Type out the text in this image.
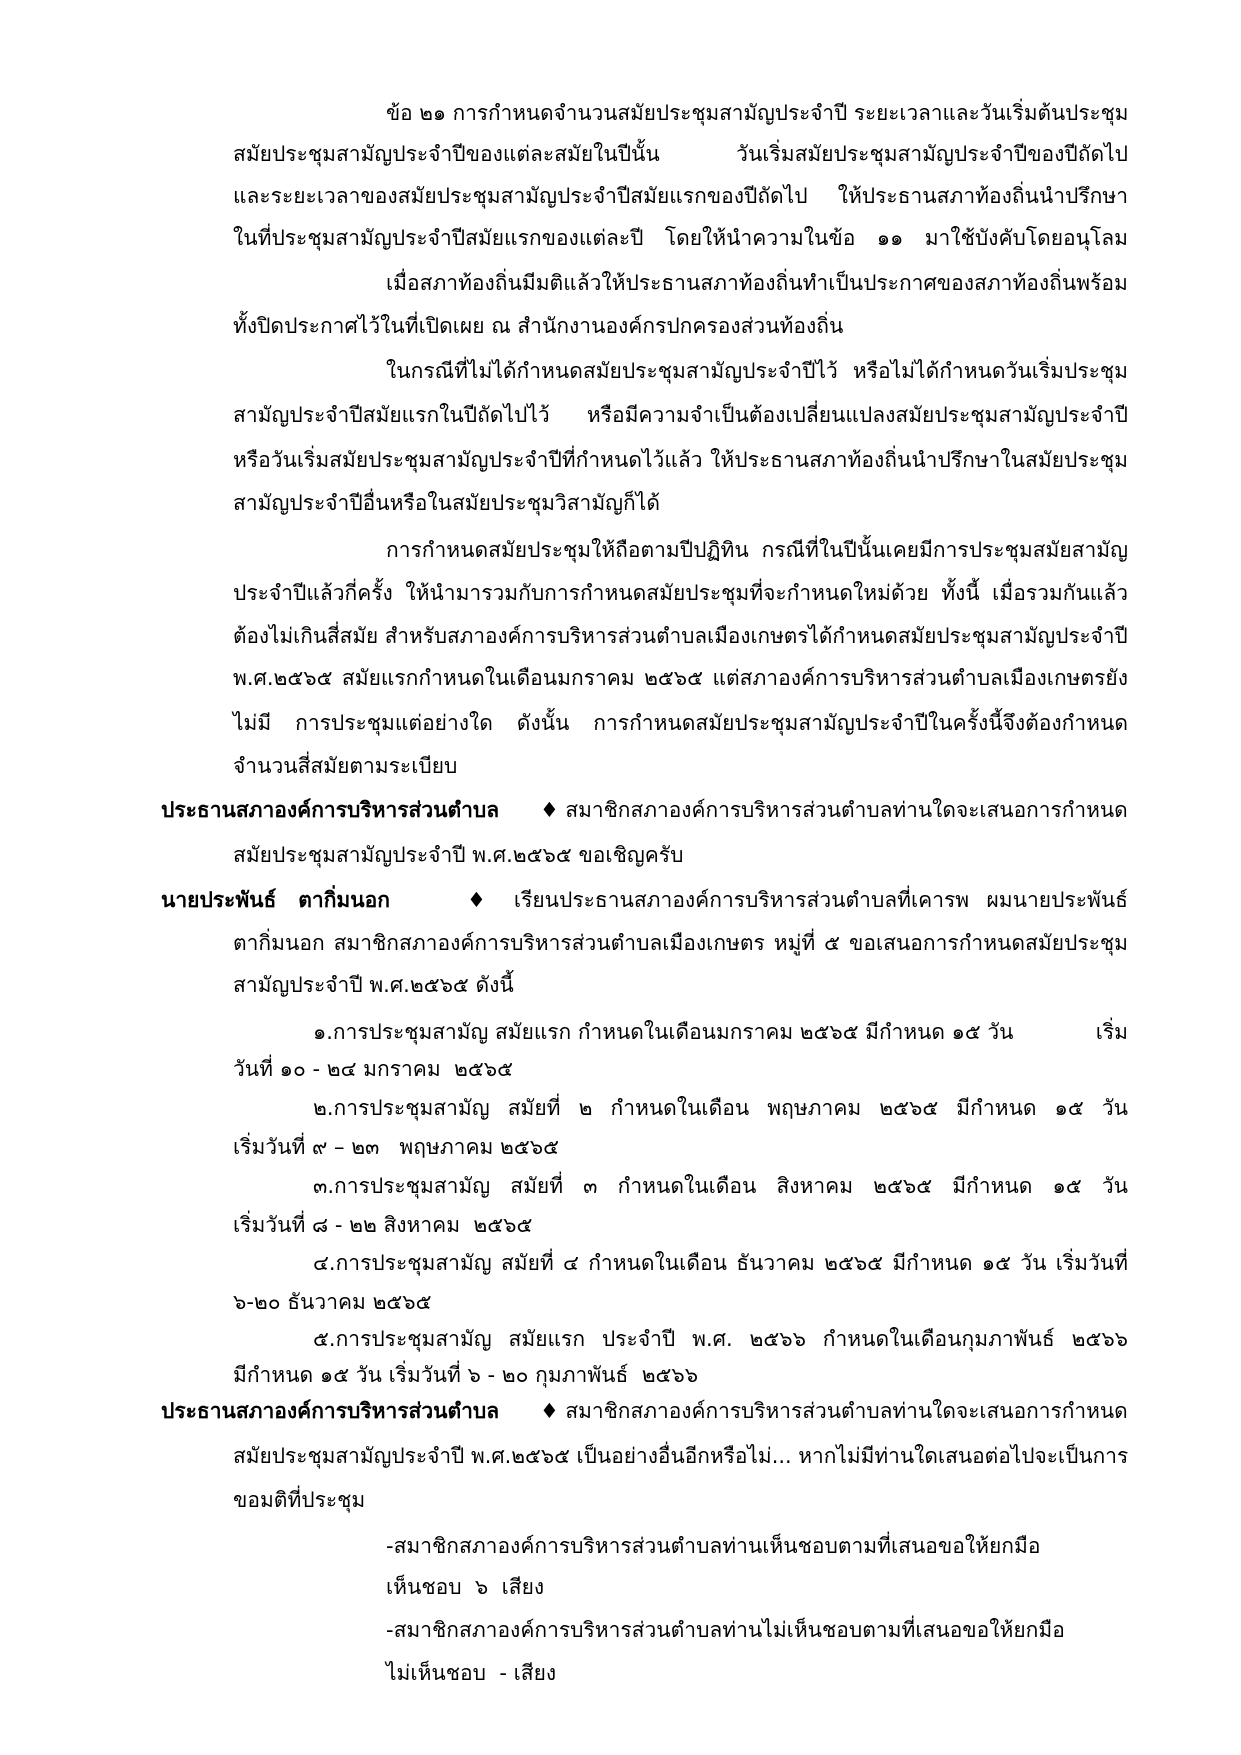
ข้อ ๒๑ การกำหนดจำนวนสมัยประชุมสามัญประจำปี ระยะเวลาและวันเริ่มต้นประชุม
สมัยประชุมสามัญประจำปีของแต่ละสมัยในปีนั้น วันเริ่มสมัยประชุมสามัญประจำปีของปีถัดไป
และระยะเวลาของสมัยประชุมสามัญประจำปีสมัยแรกของปีถัดไป ให้ประธานสภาท้องถิ่นนำปรึกษา
ในที่ประชุมสามัญประจำปีสมัยแรกของแต่ละปี โดยให้นำความในข้อ ๑๑ มาใช้บังคับโดยอนุโลม
เมื่อสภาท้องถิ่นมีมติแล้วให้ประธานสภาท้องถิ่นทำเป็นประกาศของสภาท้องถิ่นพร้อม
ทั้งปิดประกาศไว้ในที่เปิดเผย ณ สำนักงานองค์กรปกครองส่วนท้องถิ่น
ในกรณีที่ไม่ได้กำหนดสมัยประชุมสามัญประจำปีไว้ หรือไม่ได้กำหนดวันเริ่มประชุม
สามัญประจำปีสมัยแรกในปีถัดไปไว้ หรือมีความจำเป็นต้องเปลี่ยนแปลงสมัยประชุมสามัญประจำปี
หรือวันเริ่มสมัยประชุมสามัญประจำปีที่กำหนดไว้แล้ว ให้ประธานสภาท้องถิ่นนำปรึกษาในสมัยประชุม
สามัญประจำปีอื่นหรือในสมัยประชุมวิสามัญก็ได้
การกำหนดสมัยประชุมให้ถือตามปีปฏิทิน กรณีที่ในปีนั้นเคยมีการประชุมสมัยสามัญ
ประจำปีแล้วกี่ครั้ง ให้นำมารวมกับการกำหนดสมัยประชุมที่จะกำหนดใหม่ด้วย ทั้งนี้ เมื่อรวมกันแล้ว
ต้องไม่เกินสี่สมัย สำหรับสภาองค์การบริหารส่วนตำบลเมืองเกษตรได้กำหนดสมัยประชุมสามัญประจำปี
พ.ศ.๒๕๖๕ สมัยแรกกำหนดในเดือนมกราคม ๒๕๖๕ แต่สภาองค์การบริหารส่วนตำบลเมืองเกษตรยัง
ไม่มี การประชุมแต่อย่างใด ดังนั้น การกำหนดสมัยประชุมสามัญประจำปีในครั้งนี้จึงต้องกำหนด
จำนวนสี่สมัยตามระเบียบ
ประธานสภาองค์การบริหารส่วนตำบล	♦ สมาชิกสภาองค์การบริหารส่วนตำบลท่านใดจะเสนอการกำหนด
สมัยประชุมสามัญประจำปี พ.ศ.๒๕๖๕ ขอเชิญครับ
นายประพันธ์   ตากิ่มนอก	♦ เรียนประธานสภาองค์การบริหารส่วนตำบลที่เคารพ ผมนายประพันธ์
ตากิ่มนอก สมาชิกสภาองค์การบริหารส่วนตำบลเมืองเกษตร หมู่ที่ ๕ ขอเสนอการกำหนดสมัยประชุม
สามัญประจำปี พ.ศ.๒๕๖๕ ดังนี้
๑.การประชุมสามัญ สมัยแรก กำหนดในเดือนมกราคม ๒๕๖๕ มีกำหนด ๑๕ วัน	เริ่ม
วันที่ ๑๐ - ๒๔ มกราคม  ๒๕๖๕
๒.การประชุมสามัญ สมัยที่ ๒ กำหนดในเดือน พฤษภาคม ๒๕๖๕ มีกำหนด ๑๕ วัน
เริ่มวันที่ ๙ – ๒๓   พฤษภาคม ๒๕๖๕
๓.การประชุมสามัญ สมัยที่ ๓ กำหนดในเดือน สิงหาคม ๒๕๖๕ มีกำหนด ๑๕ วัน
เริ่มวันที่ ๘ - ๒๒ สิงหาคม  ๒๕๖๕
๔.การประชุมสามัญ สมัยที่ ๔ กำหนดในเดือน ธันวาคม ๒๕๖๕ มีกำหนด ๑๕ วัน เริ่มวันที่
๖-๒๐ ธันวาคม ๒๕๖๕
๕.การประชุมสามัญ สมัยแรก ประจำปี พ.ศ. ๒๕๖๖ กำหนดในเดือนกุมภาพันธ์ ๒๕๖๖
มีกำหนด ๑๕ วัน เริ่มวันที่ ๖ - ๒๐ กุมภาพันธ์  ๒๕๖๖
ประธานสภาองค์การบริหารส่วนตำบล	♦ สมาชิกสภาองค์การบริหารส่วนตำบลท่านใดจะเสนอการกำหนด
สมัยประชุมสามัญประจำปี พ.ศ.๒๕๖๕ เป็นอย่างอื่นอีกหรือไม่... หากไม่มีท่านใดเสนอต่อไปจะเป็นการ
ขอมติที่ประชุม
-สมาชิกสภาองค์การบริหารส่วนตำบลท่านเห็นชอบตามที่เสนอขอให้ยกมือ
เห็นชอบ  ๖  เสียง
-สมาชิกสภาองค์การบริหารส่วนตำบลท่านไม่เห็นชอบตามที่เสนอขอให้ยกมือ
ไม่เห็นชอบ  - เสียง
